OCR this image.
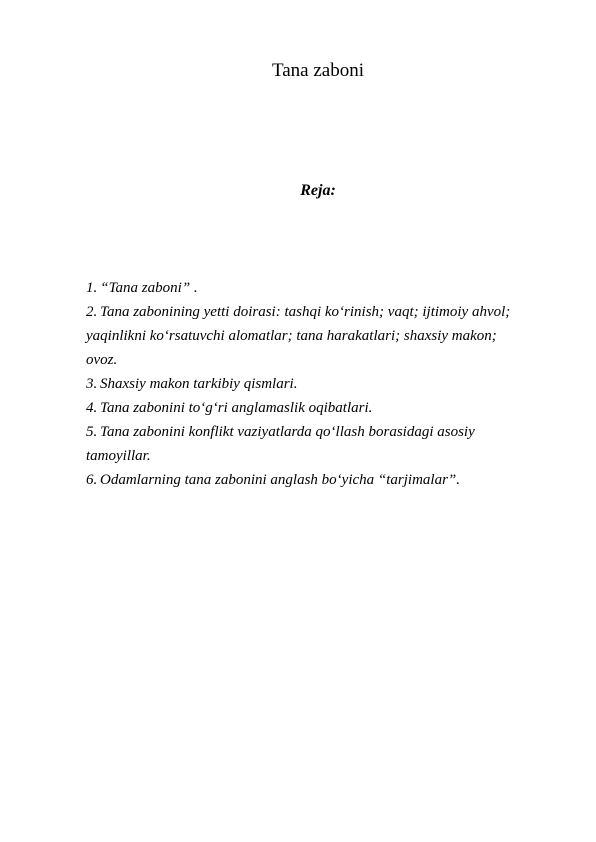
Tana zaboni
Reja:
1. “Tana zaboni” .
2. Tana zabonining yetti doirasi: tashqi ko‘rinish; vaqt; ijtimoiy ahvol;
yaqinlikni ko‘rsatuvchi alomatlar; tana harakatlari; shaxsiy makon;
ovoz.
3. Shaxsiy makon tarkibiy qismlari.
4. Tana zabonini to‘g‘ri anglamaslik oqibatlari.
5. Tana zabonini konflikt vaziyatlarda qo‘llash borasidagi asosiy
tamoyillar.
6. Odamlarning tana zabonini anglash bo‘yicha “tarjimalar”.
